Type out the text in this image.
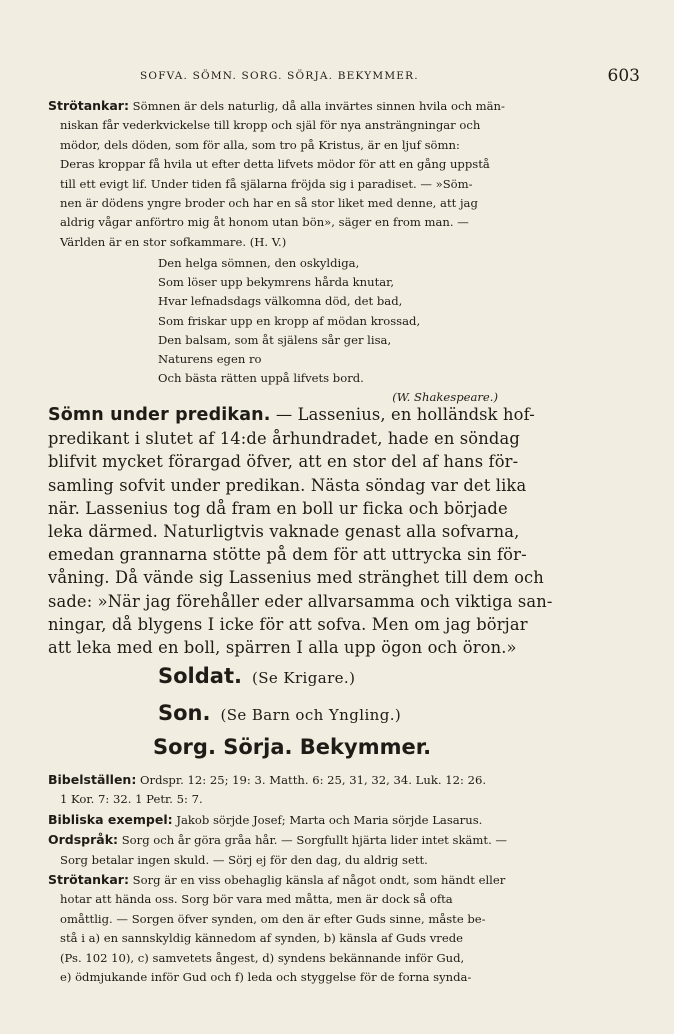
SOFVA. SÖMN. SORG. SÖRJA. BEKYMMER.	603
Strötankar: Sömnen är dels naturlig, då alla invärtes sinnen hvila och män-
niskan får vederkvickelse till kropp och själ för nya ansträngningar och
mödor, dels döden, som för alla, som tro på Kristus, är en ljuf sömn:
Deras kroppar få hvila ut efter detta lifvets mödor för att en gång uppstå
till ett evigt lif. Under tiden få själarna fröjda sig i paradiset. — »Söm-
nen är dödens yngre broder och har en så stor liket med denne, att jag
aldrig vågar anförtro mig åt honom utan bön», säger en from man. —
Världen är en stor sofkammare. (H. V.)
Den helga sömnen, den oskyldiga,
Som löser upp bekymrens hårda knutar,
Hvar lefnadsdags välkomna död, det bad,
Som friskar upp en kropp af mödan krossad,
Den balsam, som åt själens sår ger lisa,
Naturens egen ro
Och bästa rätten uppå lifvets bord.
(W. Shakespeare.)
Sömn under predikan. — Lassenius, en holländsk hof-
predikant i slutet af 14:de århundradet, hade en söndag
blifvit mycket förargad öfver, att en stor del af hans för-
samling sofvit under predikan. Nästa söndag var det lika
när. Lassenius tog då fram en boll ur ficka och började
leka därmed. Naturligtvis vaknade genast alla sofvarna,
emedan grannarna stötte på dem för att uttrycka sin för-
våning. Då vände sig Lassenius med stränghet till dem och
sade: »När jag förehåller eder allvarsamma och viktiga san-
ningar, då blygens I icke för att sofva. Men om jag börjar
att leka med en boll, spärren I alla upp ögon och öron.»
Soldat. (Se Krigare.)
Son. (Se Barn och Yngling.)
Sorg. Sörja. Bekymmer.
Bibelställen: Ordspr. 12: 25; 19: 3. Matth. 6: 25, 31, 32, 34. Luk. 12: 26.
1 Kor. 7: 32. 1 Petr. 5: 7.
Bibliska exempel: Jakob sörjde Josef; Marta och Maria sörjde Lasarus.
Ordspråk: Sorg och år göra gråa hår. — Sorgfullt hjärta lider intet skämt. —
Sorg betalar ingen skuld. — Sörj ej för den dag, du aldrig sett.
Strötankar: Sorg är en viss obehaglig känsla af något ondt, som händt eller
hotar att hända oss. Sorg bör vara med måtta, men är dock så ofta
omåttlig. — Sorgen öfver synden, om den är efter Guds sinne, måste be-
stå i a) en sannskyldig kännedom af synden, b) känsla af Guds vrede
(Ps. 102 10), c) samvetets ångest, d) syndens bekännande inför Gud,
e) ödmjukande inför Gud och f) leda och styggelse för de forna synda-
